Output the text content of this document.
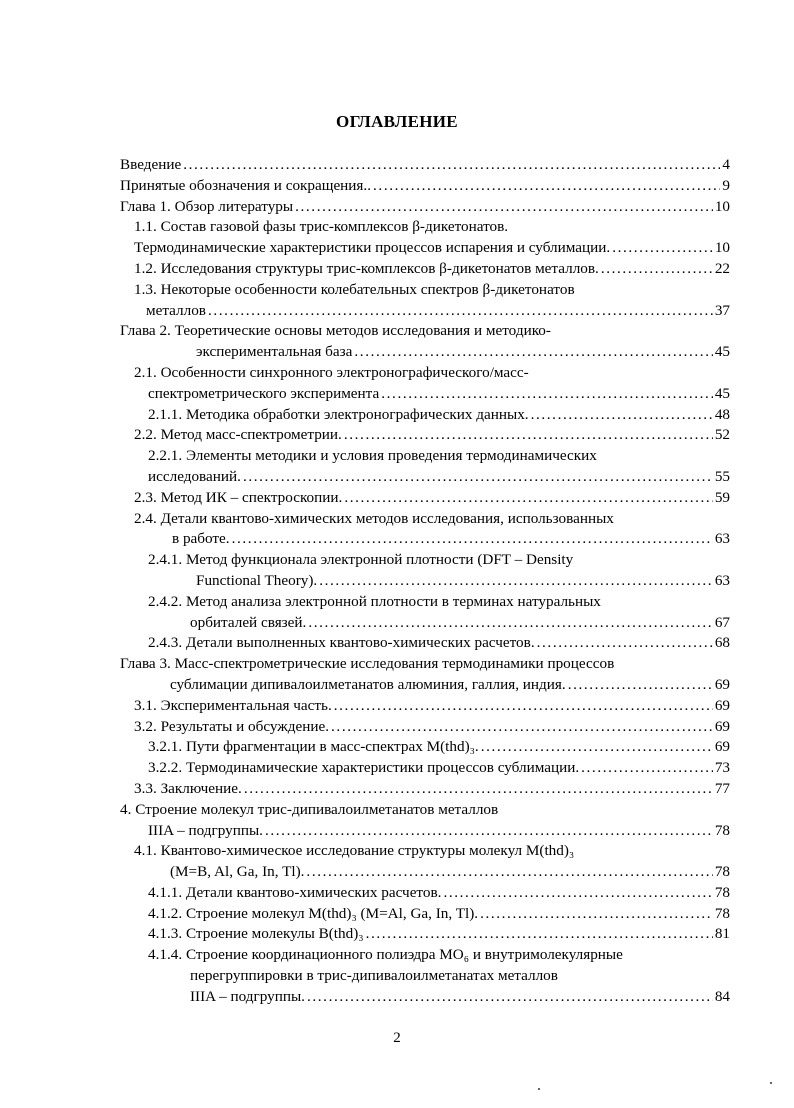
ОГЛАВЛЕНИЕ
Введение .....	4
Принятые обозначения и сокращения.. .....	9
Глава 1. Обзор литературы .....	10
1.1. Состав газовой фазы трис-комплексов β-дикетонатов.
Термодинамические характеристики процессов испарения и сублимации. .....	10
1.2. Исследования структуры трис-комплексов β-дикетонатов металлов. .....	22
1.3. Некоторые особенности колебательных спектров β-дикетонатов
металлов .....	37
Глава 2. Теоретические основы методов исследования и методико-
экспериментальная база .....	45
2.1. Особенности синхронного электронографического/масс-
спектрометрического эксперимента .....	45
2.1.1. Методика обработки электронографических данных. .....	48
2.2. Метод масс-спектрометрии. .....	52
2.2.1. Элементы методики и условия проведения термодинамических
исследований. .....	55
2.3. Метод ИК – спектроскопии. .....	59
2.4. Детали квантово-химических методов исследования, использованных
в работе. .....	63
2.4.1. Метод функционала электронной плотности (DFT – Density
Functional Theory). .....	63
2.4.2. Метод анализа электронной плотности в терминах натуральных
орбиталей связей. .....	67
2.4.3. Детали выполненных квантово-химических расчетов. .....	68
Глава 3. Масс-спектрометрические исследования термодинамики процессов
сублимации дипивалоилметанатов алюминия, галлия, индия. .....	69
3.1. Экспериментальная часть. .....	69
3.2. Результаты и обсуждение. .....	69
3.2.1. Пути фрагментации в масс-спектрах M(thd)₃. .....	69
3.2.2. Термодинамические характеристики процессов сублимации. .....	73
3.3. Заключение. .....	77
4. Строение молекул трис-дипивалоилметанатов металлов
IIIA – подгруппы. .....	78
4.1. Квантово-химическое исследование структуры молекул M(thd)₃
(M=B, Al, Ga, In, Tl). .....	78
4.1.1. Детали квантово-химических расчетов. .....	78
4.1.2. Строение молекул M(thd)₃ (M=Al, Ga, In, Tl). .....	78
4.1.3. Строение молекулы B(thd)₃ .....	81
4.1.4. Строение координационного полиэдра MO₆ и внутримолекулярные
перегруппировки в трис-дипивалоилметанатах металлов
IIIA – подгруппы. .....	84
2
